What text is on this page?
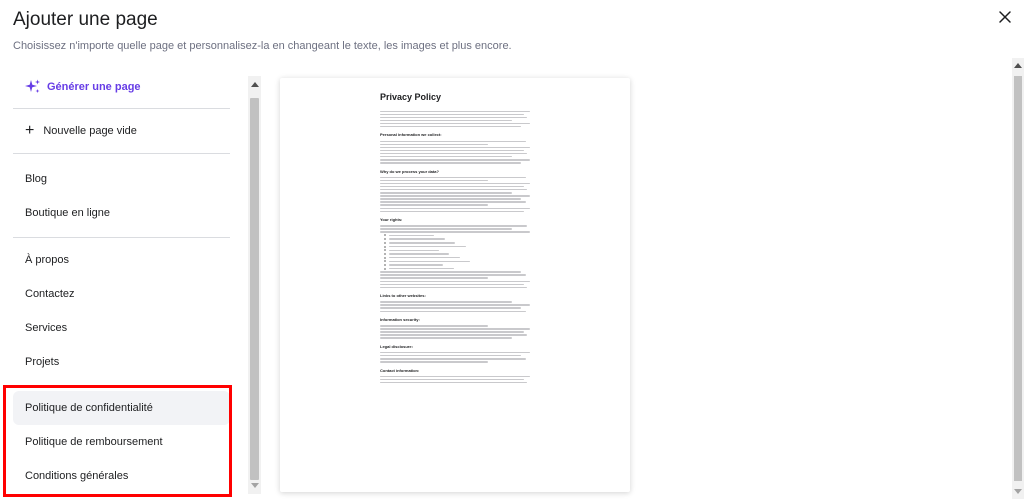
Ajouter une page
Choisissez n'importe quelle page et personnalisez-la en changeant le texte, les images et plus encore.
Générer une page
+ Nouvelle page vide
Blog
Boutique en ligne
À propos
Contactez
Services
Projets
Politique de confidentialité
Politique de remboursement
Conditions générales
Privacy Policy
Personal information we collect:
Why do we process your data?
Your rights:
Links to other websites:
Information security:
Legal disclosure:
Contact information:
